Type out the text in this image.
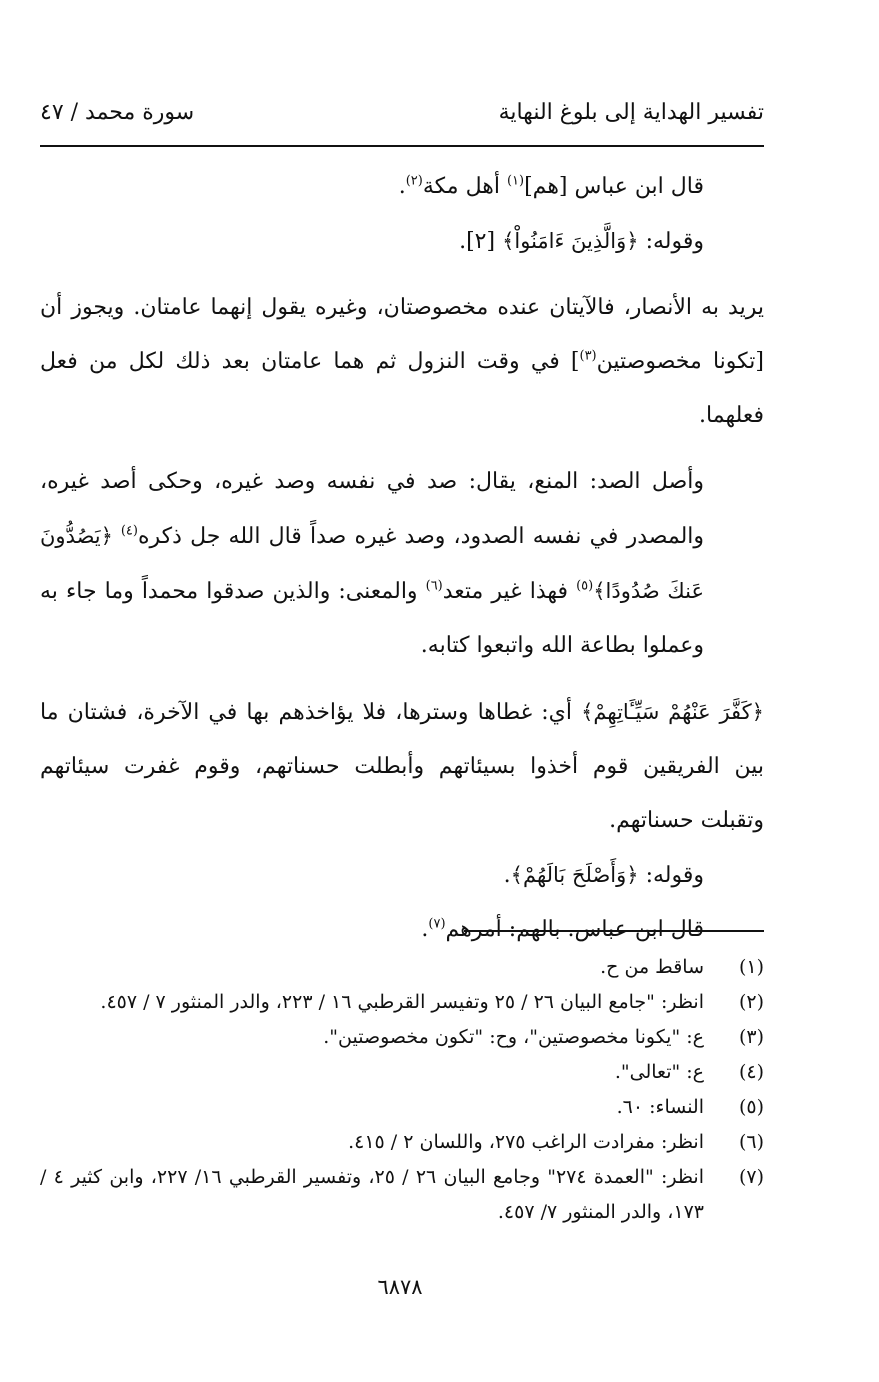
تفسير الهداية إلى بلوغ النهاية
سورة محمد / ٤٧

قال ابن عباس [هم]$^{(١)}$ أهل مكة$^{(٢)}$.

وقوله: ﴿وَالَّذِينَ ءَامَنُواْ﴾ [٢].

يريد به الأنصار، فالآيتان عنده مخصوصتان، وغيره يقول إنهما عامتان. ويجوز أن [تكونا مخصوصتين$^{(٣)}$] في وقت النزول ثم هما عامتان بعد ذلك لكل من فعل فعلهما.

وأصل الصد: المنع، يقال: صد في نفسه وصد غيره، وحكى أصد غيره، والمصدر في نفسه الصدود، وصد غيره صداً قال الله جل ذكره$^{(٤)}$ ﴿يَصُدُّونَ عَنكَ صُدُودًا﴾$^{(٥)}$ فهذا غير متعد$^{(٦)}$ والمعنى: والذين صدقوا محمداً وما جاء به وعملوا بطاعة الله واتبعوا كتابه.

﴿كَفَّرَ عَنْهُمْ سَيِّـَٔاتِهِمْ﴾ أي: غطاها وسترها، فلا يؤاخذهم بها في الآخرة، فشتان ما بين الفريقين قوم أخذوا بسيئاتهم وأبطلت حسناتهم، وقوم غفرت سيئاتهم وتقبلت حسناتهم.

وقوله: ﴿وَأَصْلَحَ بَالَهُمْ﴾.

قال ابن عباس. بالهم: أمرهم$^{(٧)}$.

(١)
ساقط من ح.
(٢)
انظر: "جامع البيان ٢٦ / ٢٥ وتفيسر القرطبي ١٦ / ٢٢٣، والدر المنثور ٧ / ٤٥٧.
(٣)
ع: "يكونا مخصوصتين"، وح: "تكون مخصوصتين".
(٤)
ع: "تعالى".
(٥)
النساء: ٦٠.
(٦)
انظر: مفرادت الراغب ٢٧٥، واللسان ٢ / ٤١٥.
(٧)
انظر: "العمدة ٢٧٤" وجامع البيان ٢٦ / ٢٥، وتفسير القرطبي ١٦/ ٢٢٧، وابن كثير ٤ / ١٧٣، والدر المنثور ٧/ ٤٥٧.
٦٨٧٨
